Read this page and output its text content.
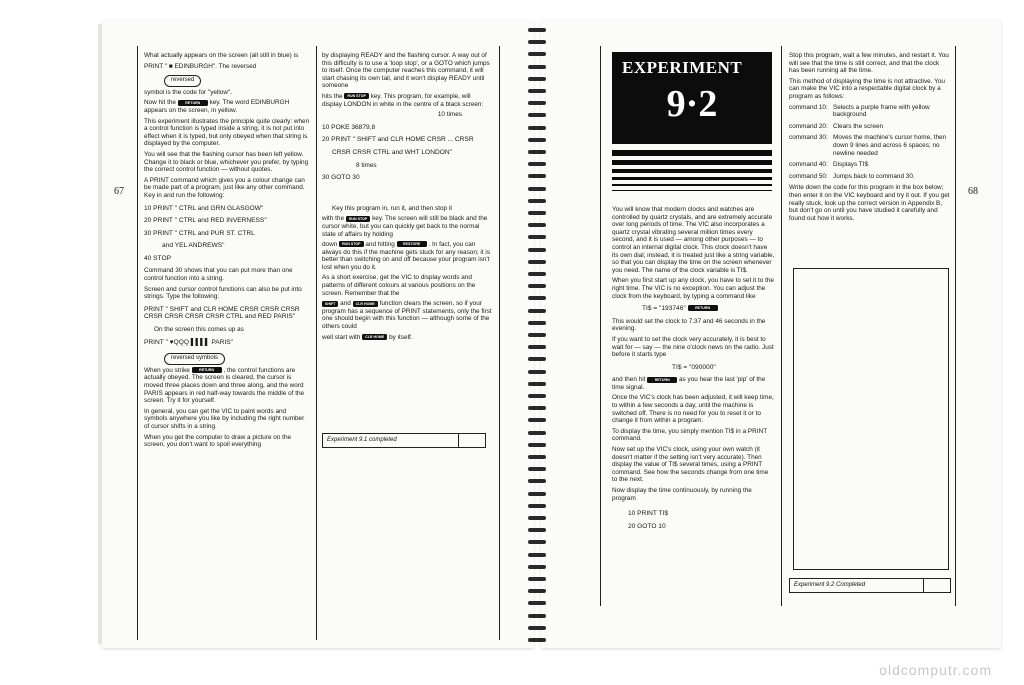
67	68

What actually appears on the screen (all still in blue) is

PRINT " ■ EDINBURGH". The reversed

reversed

symbol is the code for "yellow".

Now hit the	RETURN key. The word EDINBURGH appears on the screen, in yellow.

This experiment illustrates the principle quite clearly: when a control function is typed inside a string, it is not put into effect when it is typed, but only obeyed when that string is displayed by the computer.

You will see that the flashing cursor has been left yellow. Change it to black or blue, whichever you prefer, by typing the correct control function — without quotes.

A PRINT command which gives you a colour change can be made part of a program, just like any other command. Key in and run the following:

10 PRINT " CTRL and GRN GLASGOW"
20 PRINT " CTRL and RED INVERNESS"
30 PRINT " CTRL and PUR ST. CTRL
and YEL ANDREWS"
40 STOP

Command 30 shows that you can put more than one control function into a string.

Screen and cursor control functions can also be put into strings. Type the following:

PRINT " SHIFT and CLR HOME CRSR CRSR CRSR CRSR CRSR CRSR CRSR CTRL and RED PARIS"

On the screen this comes up as

PRINT " ♥QQQ ▌▌▌▌ PARIS"
reversed symbols

When you strike	RETURN , the control functions are actually obeyed. The screen is cleared, the cursor is moved three places down and three along, and the word PARIS appears in red half-way towards the middle of the screen. Try it for yourself.

In general, you can get the VIC to paint words and symbols anywhere you like by including the right number of cursor shifts in a string.

When you get the computer to draw a picture on the screen, you don't want to spoil everything

by displaying READY and the flashing cursor. A way out of this difficulty is to use a 'loop stop', or a GOTO which jumps to itself. Once the computer reaches this command, it will start chasing its own tail, and it won't display READY until someone

hits the RUN STOP key. This program, for example, will display LONDON in white in the centre of a black screen:

10 times
10 POKE 36879,8
20 PRINT " SHIFT and CLR HOME CRSR ... CRSR
CRSR CRSR CTRL and WHT LONDON"
8 times
30 GOTO 30

Key this program in, run it, and then stop it

with the RUN STOP key. The screen will still be black and the cursor white, but you can quickly get back to the normal state of affairs by holding

down RUN STOP and hitting RESTORE . In fact, you can always do this if the machine gets stuck for any reason; it is better than switching on and off because your program isn't lost when you do it.

As a short exercise, get the VIC to display words and patterns of different colours at various positions on the screen. Remember that the

SHIFT and CLR HOME function clears the screen, so if your program has a sequence of PRINT statements, only the first one should begin with this function — although some of the others could

well start with CLR HOME by itself.

Experiment 9.1 completed
EXPERIMENT
9·2

You will know that modern clocks and watches are controlled by quartz crystals, and are extremely accurate over long periods of time. The VIC also incorporates a quartz crystal vibrating several million times every second, and it is used — among other purposes — to control an internal digital clock. This clock doesn't have its own dial; instead, it is treated just like a string variable, so that you can display the time on the screen whenever you need. The name of the clock variable is TI$.

When you first start up any clock, you have to set it to the right time. The VIC is no exception. You can adjust the clock from the keyboard, by typing a command like

TI$ = "193746"	RETURN

This would set the clock to 7.37 and 46 seconds in the evening.

If you want to set the clock very accurately, it is best to wait for — say — the nine o'clock news on the radio. Just before it starts type

TI$ = "090000"

and then hit	RETURN as you hear the last 'pip' of the time signal.

Once the VIC's clock has been adjusted, it will keep time, to within a few seconds a day, until the machine is switched off. There is no need for you to reset it or to change it from within a program.

To display the time, you simply mention TI$ in a PRINT command.

Now set up the VIC's clock, using your own watch (it doesn't matter if the setting isn't very accurate). Then display the value of TI$ several times, using a PRINT command. See how the seconds change from one time to the next.

Now display the time continuously, by running the program

10 PRINT TI$
20 GOTO 10

Stop this program, wait a few minutes, and restart it. You will see that the time is still correct, and that the clock has been running all the time.

This method of displaying the time is not attractive. You can make the VIC into a respectable digital clock by a program as follows:

command 10: Selects a purple frame with yellow background
command 20: Clears the screen
command 30: Moves the machine's cursor home, then down 9 lines and across 6 spaces; no newline needed
command 40: Displays TI$
command 50: Jumps back to command 30.

Write down the code for this program in the box below; then enter it on the VIC keyboard and try it out. If you get really stuck, look up the correct version in Appendix B, but don't go on until you have studied it carefully and found out how it works.

Experiment 9.2 Completed
oldcomputr.com
